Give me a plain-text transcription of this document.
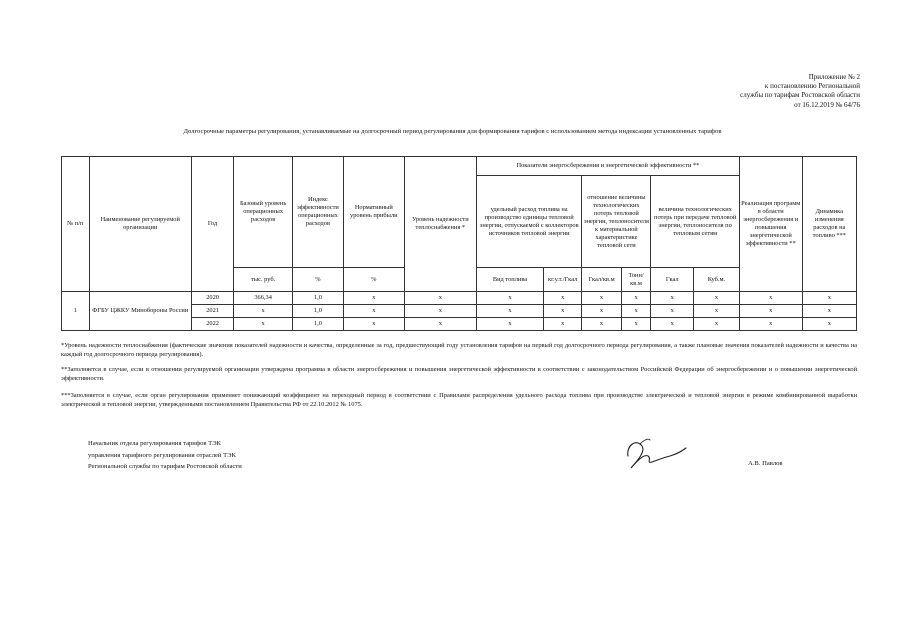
Приложение № 2
к постановлению Региональной
службы по тарифам Ростовской области
от 16.12.2019 № 64/76
Долгосрочные параметры регулирования, устанавливаемые на долгосрочный период регулирования для формирования тарифов с использованием метода индексации установленных тарифов
№ п/п	Наименование регулируемой организации	Год	Базовый уровень операционных расходов	Индекс эффективности операционных расходов	Нормативный уровень прибыли	Уровень надежности теплоснабжения *	Показатели энергосбережения и энергетической эффективности **						Реализация программ в области энергосбережения и повышения энергетической эффективности **	Динамика изменения расходов на топливо ***
							удельный расход топлива на производство единицы тепловой энергии, отпускаемой с коллекторов источников тепловой энергии		отношение величины технологических потерь тепловой энергии, теплоносителя к материальной характеристике тепловой сети		величина технологических потерь при передаче тепловой энергии, теплоносителя по тепловым сетям			
			тыс. руб.	%	%		Вид топлива	кг.у.т./Гкал	Гкал/кв.м	Тонн/кв.м	Гкал	Куб.м.		
1	ФГБУ ЦЖКУ Минобороны России	2020	366,34	1,0	х	х	х	х	х	х	х	х	х	х
		2021	х	1,0	х	х	х	х	х	х	х	х	х	х
		2022	х	1,0	х	х	х	х	х	х	х	х	х	х
*Уровень надежности теплоснабжения (фактические значения показателей надежности и качества, определенные за год, предшествующий году установления тарифов на первый год долгосрочного периода регулирования, а также плановые значения показателей надежности и качества на каждый год долгосрочного периода регулирования).
**Заполняется в случае, если в отношении регулируемой организации утверждена программа в области энергосбережения и повышения энергетической эффективности в соответствии с законодательством Российской Федерации об энергосбережении и о повышении энергетической эффективности.
***Заполняется в случае, если орган регулирования применяет понижающий коэффициент на переходный период в соответствии с Правилами распределения удельного расхода топлива при производстве электрической и тепловой энергии в режиме комбинированной выработки электрической и тепловой энергии, утвержденными постановлением Правительства РФ от 22.10.2012 № 1075.
Начальник отдела регулирования тарифов ТЭК
управления тарифного регулирования отраслей ТЭК
Региональной службы по тарифам Ростовской области	А.В. Павлов
